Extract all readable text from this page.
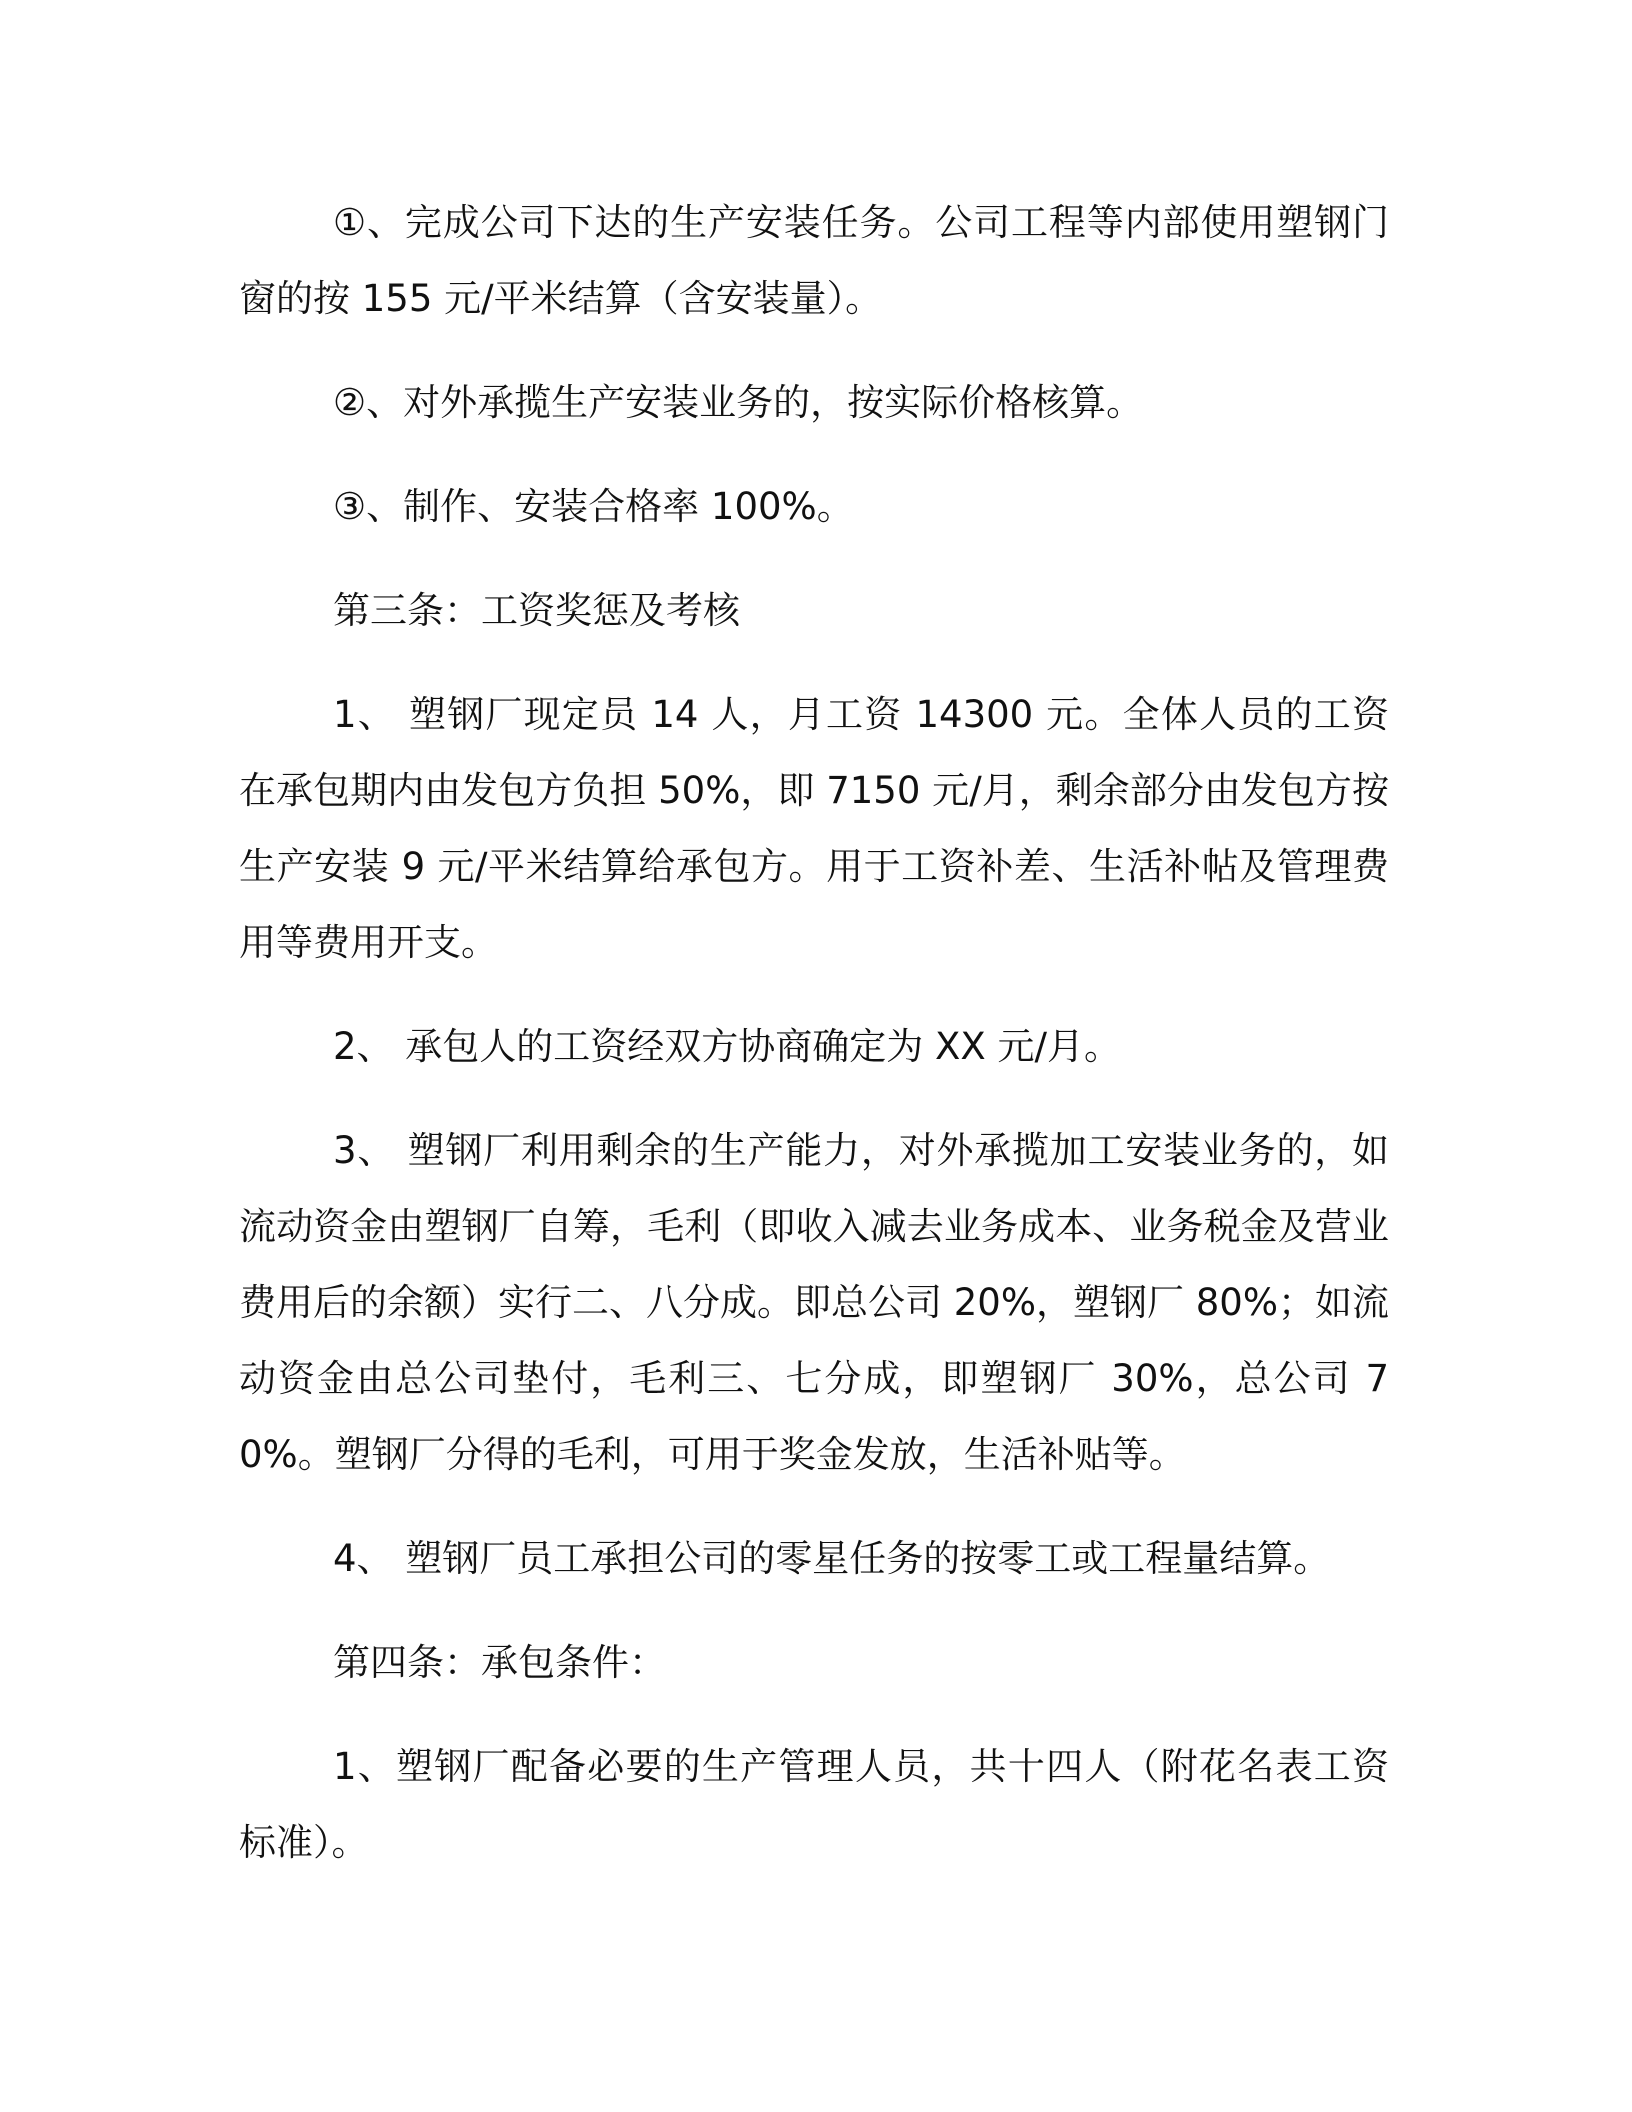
①、完成公司下达的生产安装任务。公司工程等内部使用塑钢门窗的按 155 元/平米结算（含安装量）。

②、对外承揽生产安装业务的，按实际价格核算。

③、制作、安装合格率 100%。

第三条：工资奖惩及考核

1、 塑钢厂现定员 14 人，月工资 14300 元。全体人员的工资在承包期内由发包方负担 50%，即 7150 元/月，剩余部分由发包方按生产安装 9 元/平米结算给承包方。用于工资补差、生活补帖及管理费用等费用开支。

2、 承包人的工资经双方协商确定为 XX 元/月。

3、 塑钢厂利用剩余的生产能力，对外承揽加工安装业务的，如流动资金由塑钢厂自筹，毛利（即收入减去业务成本、业务税金及营业费用后的余额）实行二、八分成。即总公司 20%，塑钢厂 80%；如流动资金由总公司垫付，毛利三、七分成，即塑钢厂 30%，总公司 70%。塑钢厂分得的毛利，可用于奖金发放，生活补贴等。

4、 塑钢厂员工承担公司的零星任务的按零工或工程量结算。

第四条：承包条件：

1、塑钢厂配备必要的生产管理人员，共十四人（附花名表工资标准）。
